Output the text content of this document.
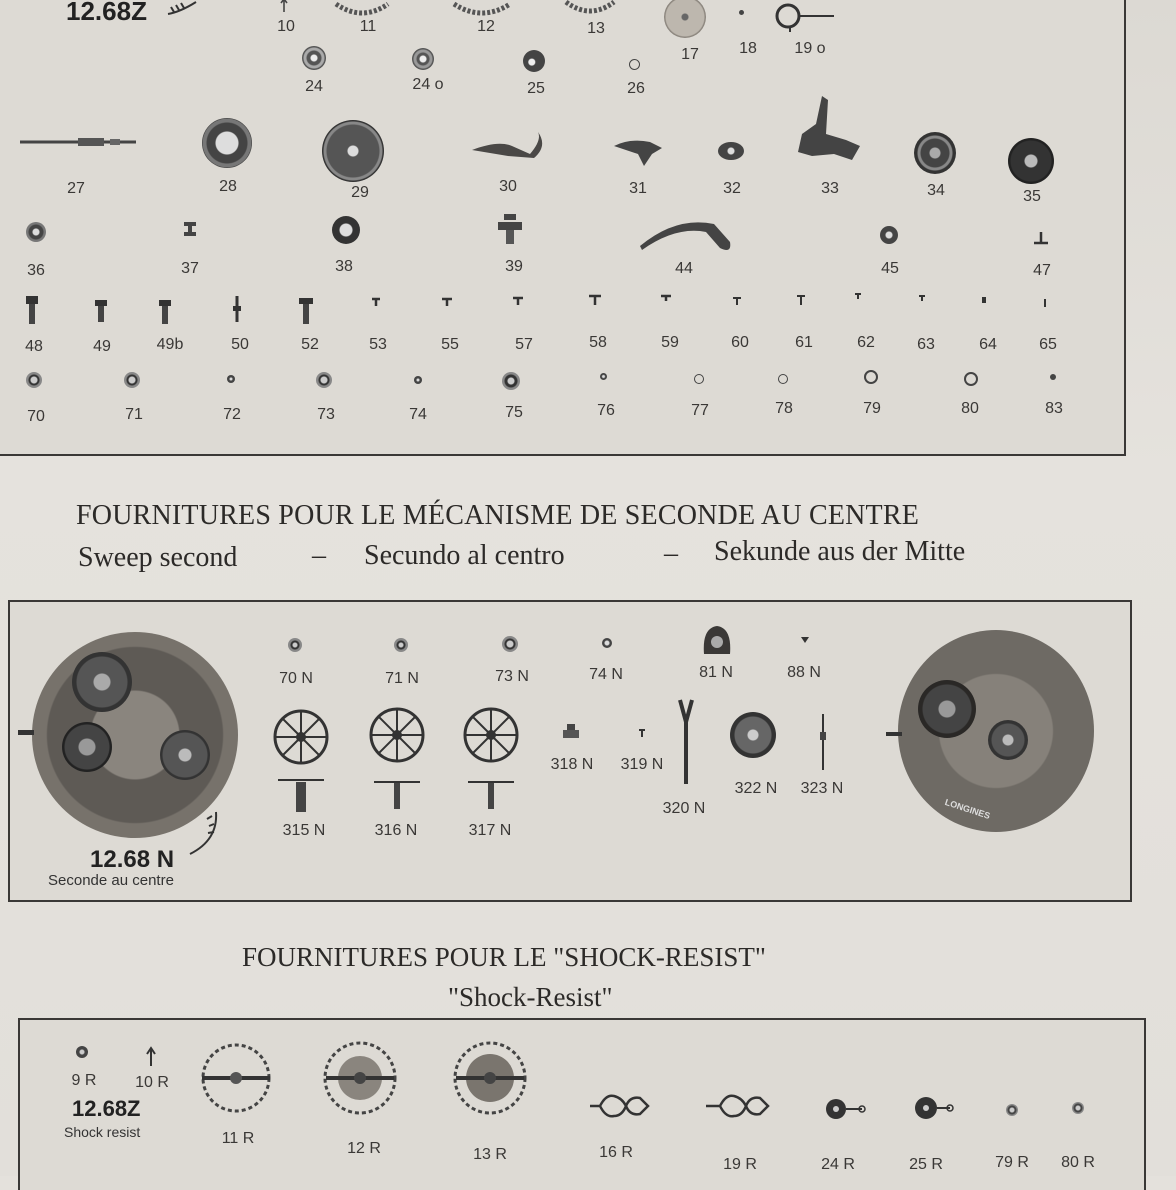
12.68Z
10	11	12	13
17	18 19 o
24	24 o	25	26
27	28	29	30	31	32	33	34	35
36	37	38	39	44	45	47
48	49	49b	50	52	53	55	57	58	59	60	61	62	63	64	65
70	71	72	73	74	75	76	77	78	79	80	83
FOURNITURES POUR LE MÉCANISME DE SECONDE AU CENTRE
Sweep second	– Secundo al centro	– Sekunde aus der Mitte
12.68 N
Seconde au centre
70 N	71 N	73 N	74 N	81 N	88 N
315 N	316 N	317 N
318 N 319 N
320 N
322 N 323 N
LONGINES
FOURNITURES POUR LE "SHOCK-RESIST"
"Shock-Resist"
9 R 10 R
12.68Z
Shock resist	11 R
12 R	13 R	16 R
19 R	24 R	25 R	79 R 80 R
